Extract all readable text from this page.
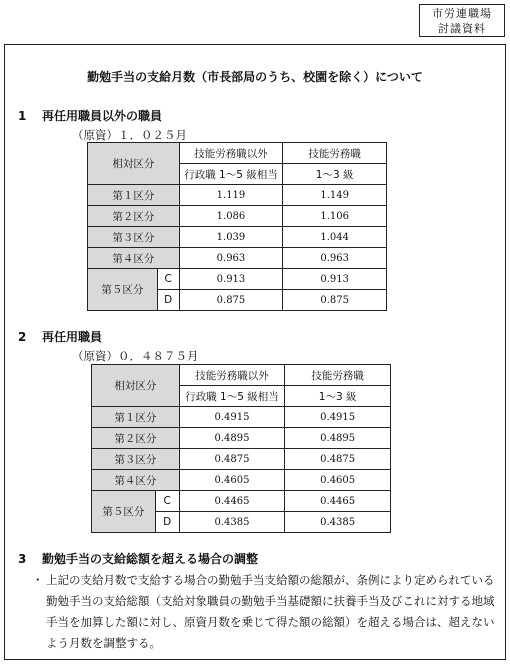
市労連職場
討議資料
勤勉手当の支給月数（市長部局のうち、校園を除く）について
1 再任用職員以外の職員
（原資）１．０２５月
相対区分		技能労務職以外	技能労務職
		行政職 1～5 級相当	1～3 級
第１区分		1.119	1.149
第２区分		1.086	1.106
第３区分		1.039	1.044
第４区分		0.963	0.963
第５区分	C	0.913	0.913
	D	0.875	0.875
2 再任用職員
（原資）０．４８７５月
相対区分		技能労務職以外	技能労務職
		行政職 1～5 級相当	1～3 級
第１区分		0.4915	0.4915
第２区分		0.4895	0.4895
第３区分		0.4875	0.4875
第４区分		0.4605	0.4605
第５区分	C	0.4465	0.4465
	D	0.4385	0.4385
3 勤勉手当の支給総額を超える場合の調整
・ 上記の支給月数で支給する場合の勤勉手当支給額の総額が、条例により定められている勤勉手当の支給総額（支給対象職員の勤勉手当基礎額に扶養手当及びこれに対する地域手当を加算した額に対し、原資月数を乗じて得た額の総額）を超える場合は、超えないよう月数を調整する。
